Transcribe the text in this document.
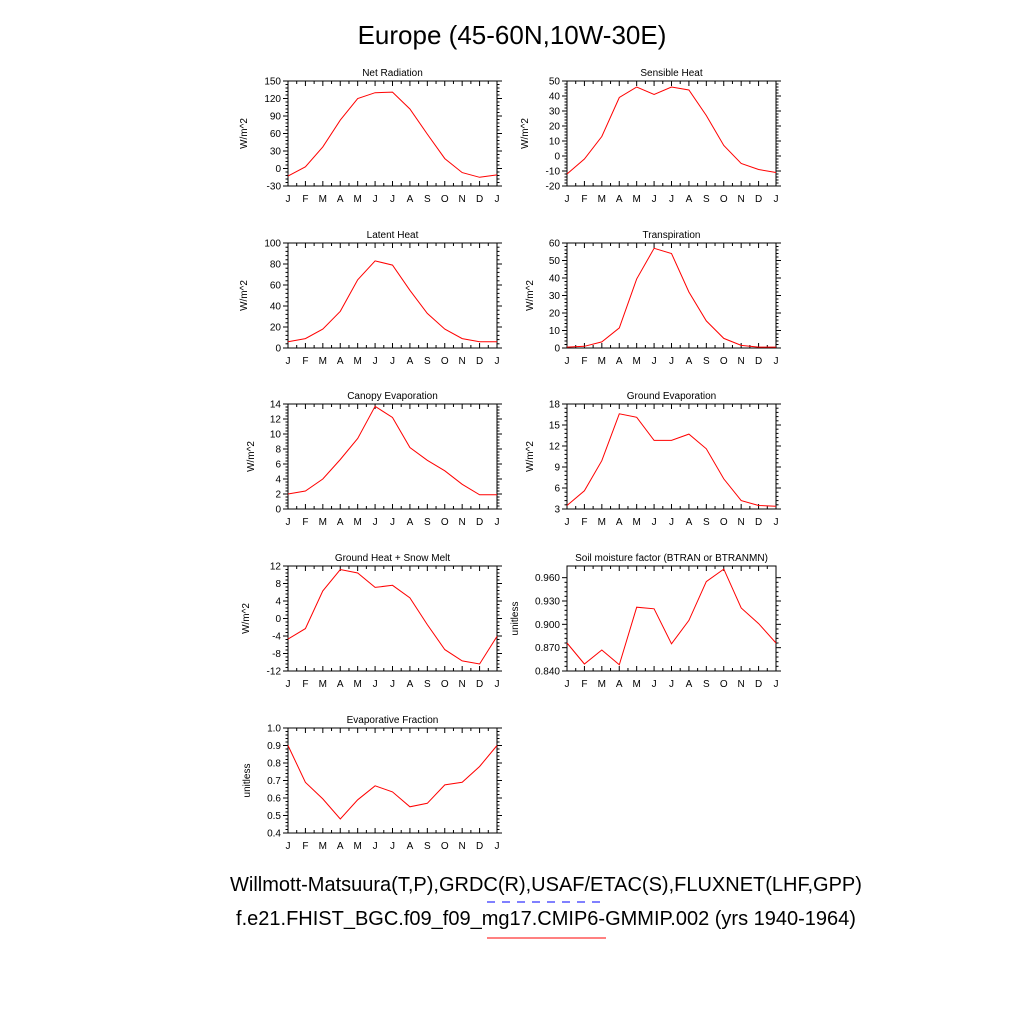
Europe (45-60N,10W-30E)
Net Radiation
J F M A M J J A S O N D J
-30
0
30
60
90
120
150
W/m^2
Sensible Heat
J F M A M J J A S O N D J
-20
-10
0
10
20
30
40
50
W/m^2
Latent Heat
J F M A M J J A S O N D J
0
20
40
60
80
100
W/m^2
Transpiration
J F M A M J J A S O N D J
0
10
20
30
40
50
60
W/m^2
Canopy Evaporation
J F M A M J J A S O N D J
0
2
4
6
8
10
12
14
W/m^2
Ground Evaporation
J F M A M J J A S O N D J
3
6
9
12
15
18
W/m^2
Ground Heat + Snow Melt
J F M A M J J A S O N D J
-12
-8
-4
0
4
8
12
W/m^2
Soil moisture factor (BTRAN or BTRANMN)
J F M A M J J A S O N D J
0.840
0.870
0.900
0.930
0.960
unitless
Evaporative Fraction
J F M A M J J A S O N D J
0.4
0.5
0.6
0.7
0.8
0.9
1.0
unitless
Willmott-Matsuura(T,P),GRDC(R),USAF/ETAC(S),FLUXNET(LHF,GPP)
f.e21.FHIST_BGC.f09_f09_mg17.CMIP6-GMMIP.002 (yrs 1940-1964)
